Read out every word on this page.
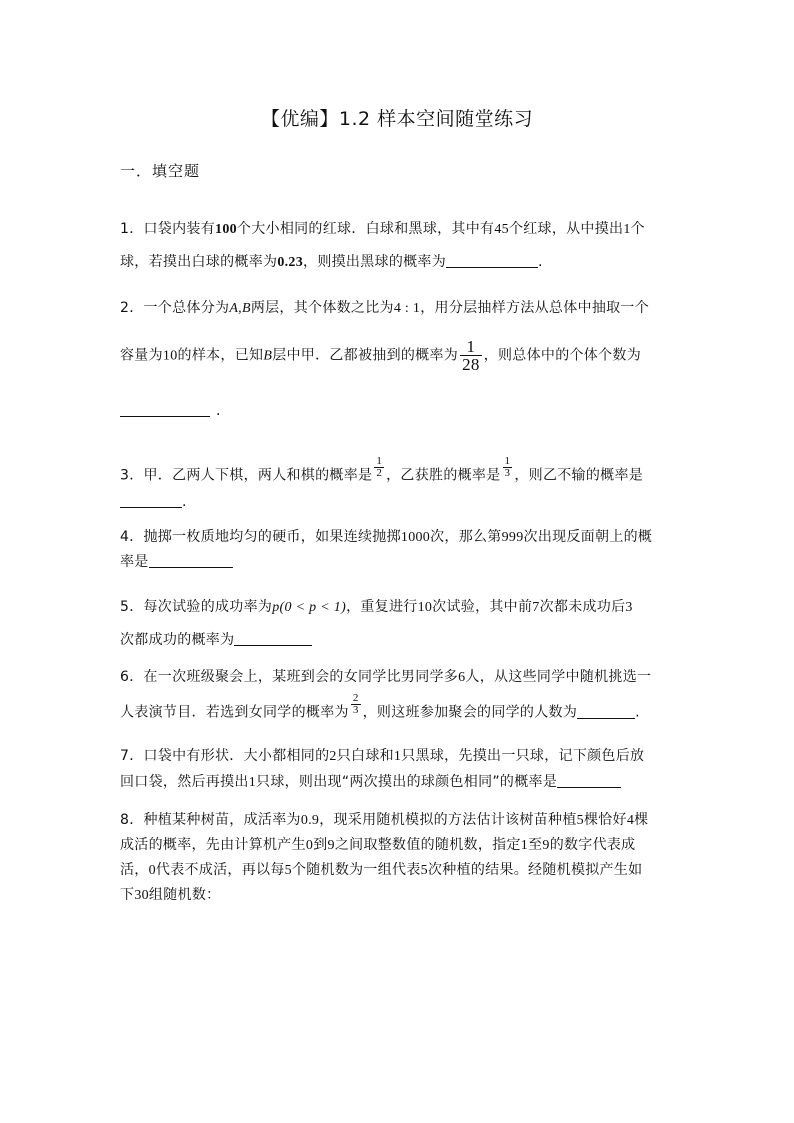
【优编】1.2 样本空间随堂练习
一．填空题
1．口袋内装有100个大小相同的红球．白球和黑球，其中有45个红球，从中摸出1个
球，若摸出白球的概率为0.23，则摸出黑球的概率为	.
2．一个总体分为A,B两层，其个体数之比为4 : 1，用分层抽样方法从总体中抽取一个
容量为10的样本，已知B层中甲．乙都被抽到的概率为 $\frac{1}{28}$ ，则总体中的个体个数为
.
3．甲．乙两人下棋，两人和棋的概率是 $\frac{1}{2}$ ，乙获胜的概率是 $\frac{1}{3}$ ，则乙不输的概率是
.
4．抛掷一枚质地均匀的硬币，如果连续抛掷1000次，那么第999次出现反面朝上的概
率是
5．每次试验的成功率为p(0 < p < 1)，重复进行10次试验，其中前7次都未成功后3
次都成功的概率为
6．在一次班级聚会上，某班到会的女同学比男同学多6人，从这些同学中随机挑选一
人表演节目．若选到女同学的概率为 $\frac{2}{3}$ ，则这班参加聚会的同学的人数为	.
7．口袋中有形状．大小都相同的2只白球和1只黑球，先摸出一只球，记下颜色后放
回口袋，然后再摸出1只球，则出现“两次摸出的球颜色相同”的概率是
8．种植某种树苗，成活率为0.9，现采用随机模拟的方法估计该树苗种植5棵恰好4棵
成活的概率，先由计算机产生0到9之间取整数值的随机数，指定1至9的数字代表成
活，0代表不成活，再以每5个随机数为一组代表5次种植的结果。经随机模拟产生如
下30组随机数：
